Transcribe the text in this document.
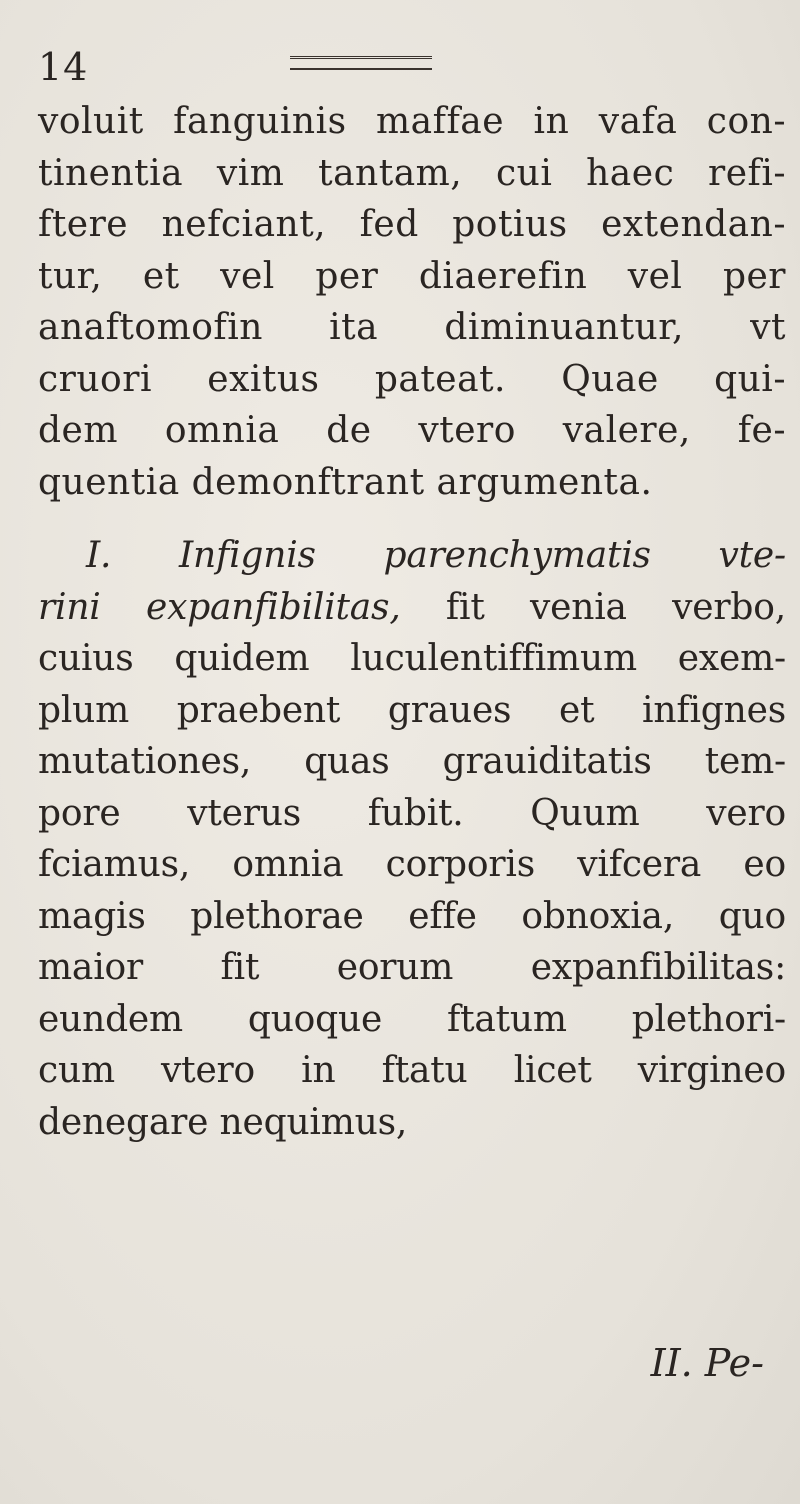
14
voluit fanguinis maffae in vafa con-
tinentia vim tantam, cui haec refi-
ftere nefciant, fed potius extendan-
tur, et vel per diaerefin vel per
anaftomofin ita diminuantur, vt
cruori exitus pateat. Quae qui-
dem omnia de vtero valere, fe-
quentia demonftrant argumenta.
I. Infignis parenchymatis vte-
rini expanfibilitas, fit venia verbo,
cuius quidem luculentiffimum exem-
plum praebent graues et infignes
mutationes, quas grauiditatis tem-
pore vterus fubit. Quum vero
fciamus, omnia corporis vifcera eo
magis plethorae effe obnoxia, quo
maior fit eorum expanfibilitas:
eundem quoque ftatum plethori-
cum vtero in ftatu licet virgineo
denegare nequimus,
II. Pe-
